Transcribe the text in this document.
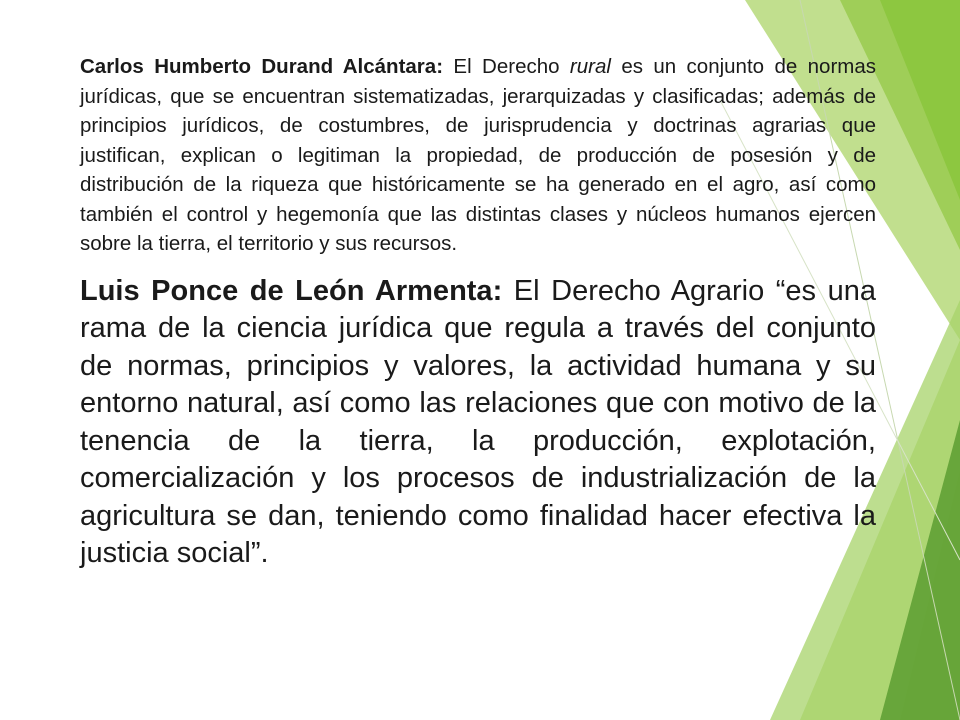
Carlos Humberto Durand Alcántara: El Derecho rural es un conjunto de normas jurídicas, que se encuentran sistematizadas, jerarquizadas y clasificadas; además de principios jurídicos, de costumbres, de jurisprudencia y doctrinas agrarias que justifican, explican o legitiman la propiedad, de producción de posesión y de distribución de la riqueza que históricamente se ha generado en el agro, así como también el control y hegemonía que las distintas clases y núcleos humanos ejercen sobre la tierra, el territorio y sus recursos.

Luis Ponce de León Armenta: El Derecho Agrario “es una rama de la ciencia jurídica que regula a través del conjunto de normas, principios y valores, la actividad humana y su entorno natural, así como las relaciones que con motivo de la tenencia de la tierra, la producción, explotación, comercialización y los procesos de industrialización de la agricultura se dan, teniendo como finalidad hacer efectiva la justicia social”.
